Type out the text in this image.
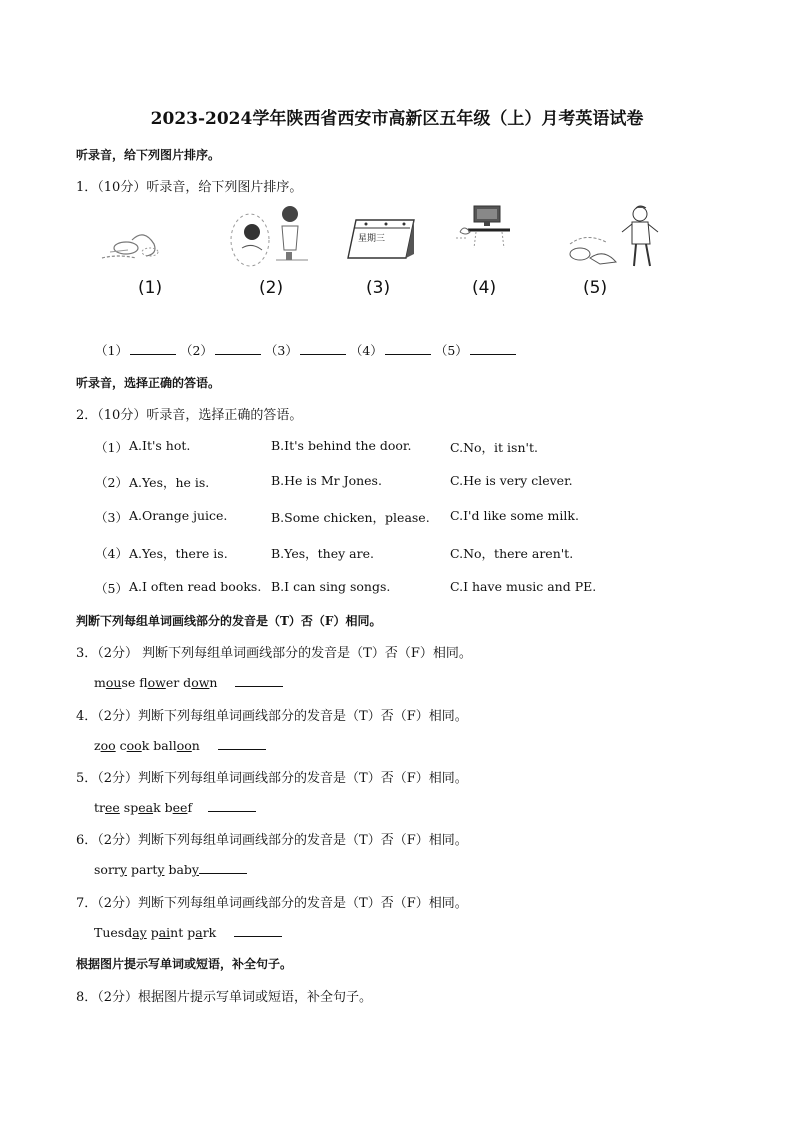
2023-2024学年陕西省西安市高新区五年级（上）月考英语试卷
听录音，给下列图片排序。
1．（10分）听录音，给下列图片排序。
星期三
(1)	(2)	(3)	(4)	(5)
（1）	（2）	（3）	（4）	（5）
听录音，选择正确的答语。
2．（10分）听录音，选择正确的答语。
（1） A.It's hot.	B.It's behind the door.	C.No，it isn't.
（2） A.Yes，he is.	B.He is Mr Jones.	C.He is very clever.
（3） A.Orange juice.	B.Some chicken，please. C.I'd like some milk.
（4） A.Yes，there is.	B.Yes，they are.	C.No，there aren't.
（5） A.I often read books. B.I can sing songs.	C.I have music and PE.
判断下列每组单词画线部分的发音是（T）否（F）相同。
3．（2分） 判断下列每组单词画线部分的发音是（T）否（F）相同。
mouse flower down
4．（2分）判断下列每组单词画线部分的发音是（T）否（F）相同。
zoo cook balloon
5．（2分）判断下列每组单词画线部分的发音是（T）否（F）相同。
tree speak beef
6．（2分）判断下列每组单词画线部分的发音是（T）否（F）相同。
sorry party baby
7．（2分）判断下列每组单词画线部分的发音是（T）否（F）相同。
Tuesday paint park
根据图片提示写单词或短语，补全句子。
8．（2分）根据图片提示写单词或短语，补全句子。
